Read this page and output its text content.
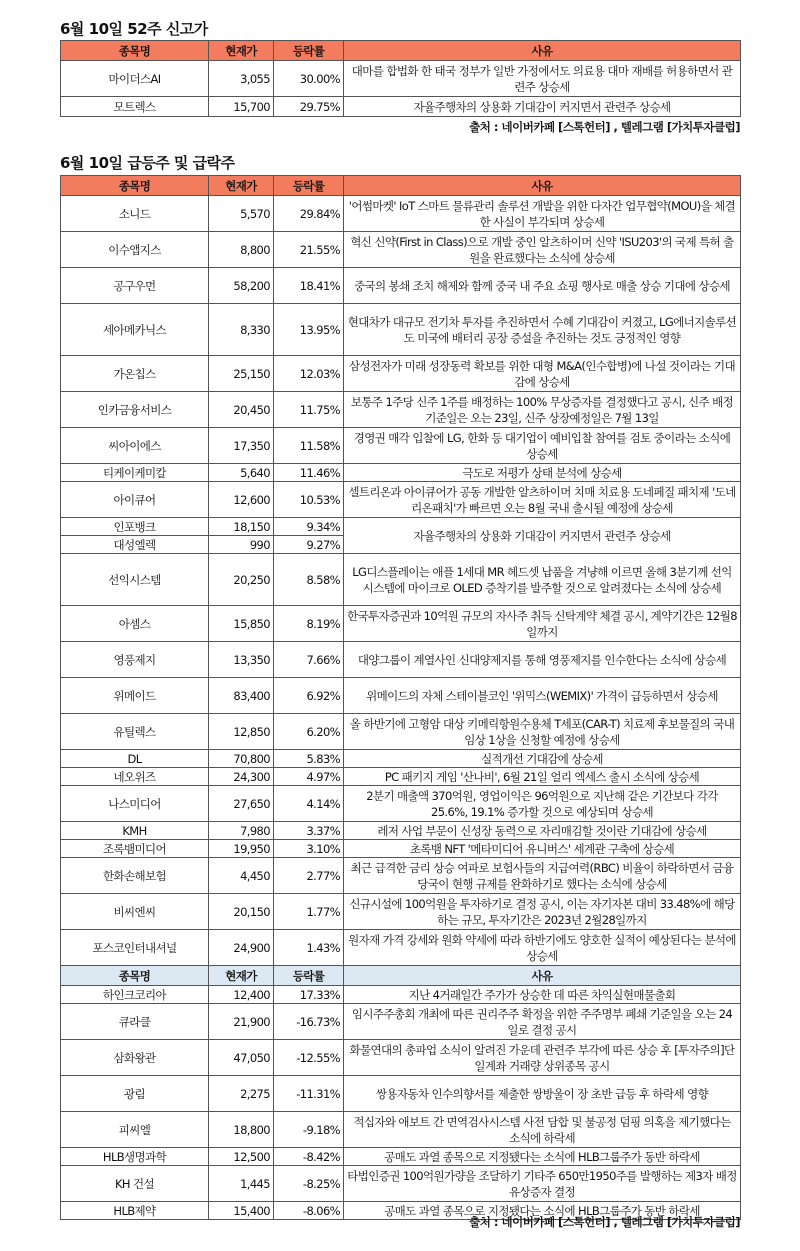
6월 10일 52주 신고가
종목명	현재가	등락률	사유
마이더스AI	3,055	30.00%	대마를 합법화 한 태국 정부가 일반 가정에서도 의료용 대마 재배를 허용하면서 관련주 상승세
모트렉스	15,700	29.75%	자율주행차의 상용화 기대감이 커지면서 관련주 상승세
출처 : 네이버카페 [스톡헌터] , 텔레그램 [가치투자클럽]
6월 10일 급등주 및 급락주
종목명	현재가	등락률	사유
소니드	5,570	29.84%	'어썸마켓' IoT 스마트 물류관리 솔루션 개발을 위한 다자간 업무협약(MOU)을 체결한 사실이 부각되며 상승세
이수앱지스	8,800	21.55%	혁신 신약(First in Class)으로 개발 중인 알츠하이머 신약 'ISU203'의 국제 특허 출원을 완료했다는 소식에 상승세
공구우먼	58,200	18.41%	중국의 봉쇄 조치 해제와 함께 중국 내 주요 쇼핑 행사로 매출 상승 기대에 상승세
세아메카닉스	8,330	13.95%	현대차가 대규모 전기차 투자를 추진하면서 수혜 기대감이 커졌고, LG에너지솔루션도 미국에 배터리 공장 증설을 추진하는 것도 긍정적인 영향
가온칩스	25,150	12.03%	삼성전자가 미래 성장동력 확보를 위한 대형 M&A(인수합병)에 나설 것이라는 기대감에 상승세
인카금융서비스	20,450	11.75%	보통주 1주당 신주 1주를 배정하는 100% 무상증자를 결정했다고 공시, 신주 배정기준일은 오는 23일, 신주 상장예정일은 7월 13일
씨아이에스	17,350	11.58%	경영권 매각 입찰에 LG, 한화 등 대기업이 예비입찰 참여를 검토 중이라는 소식에 상승세
티케이케미칼	5,640	11.46%	극도로 저평가 상태 분석에 상승세
아이큐어	12,600	10.53%	셀트리온과 아이큐어가 공동 개발한 알츠하이머 치매 치료용 도네페질 패치제 '도네리온패치'가 빠르면 오는 8월 국내 출시될 예정에 상승세
인포뱅크	18,150	9.34%	자율주행차의 상용화 기대감이 커지면서 관련주 상승세
대성엘렉	990	9.27%	
선익시스템	20,250	8.58%	LG디스플레이는 애플 1세대 MR 헤드셋 납품을 겨냥해 이르면 올해 3분기께 선익시스템에 마이크로 OLED 증착기를 발주할 것으로 알려졌다는 소식에 상승세
아셈스	15,850	8.19%	한국투자증권과 10억원 규모의 자사주 취득 신탁계약 체결 공시, 계약기간은 12월8일까지
영풍제지	13,350	7.66%	대양그룹이 계열사인 신대양제지를 통해 영풍제지를 인수한다는 소식에 상승세
위메이드	83,400	6.92%	위메이드의 자체 스테이블코인 '위믹스(WEMIX)' 가격이 급등하면서 상승세
유틸렉스	12,850	6.20%	올 하반기에 고형암 대상 키메릭항원수용체 T세포(CAR-T) 치료제 후보물질의 국내 임상 1상을 신청할 예정에 상승세
DL	70,800	5.83%	실적개선 기대감에 상승세
네오위즈	24,300	4.97%	PC 패키지 게임 '산나비', 6월 21일 얼리 엑세스 출시 소식에 상승세
나스미디어	27,650	4.14%	2분기 매출액 370억원, 영업이익은 96억원으로 지난해 같은 기간보다 각각 25.6%, 19.1% 증가할 것으로 예상되며 상승세
KMH	7,980	3.37%	레저 사업 부문이 신성장 동력으로 자리매김할 것이란 기대감에 상승세
조록뱀미디어	19,950	3.10%	초록뱀 NFT '메타미디어 유니버스' 세계관 구축에 상승세
한화손해보험	4,450	2.77%	최근 급격한 금리 상승 여파로 보험사들의 지급여력(RBC) 비율이 하락하면서 금융당국이 현행 규제를 완화하기로 했다는 소식에 상승세
비씨엔씨	20,150	1.77%	신규시설에 100억원을 투자하기로 결정 공시, 이는 자기자본 대비 33.48%에 해당하는 규모, 투자기간은 2023년 2월28일까지
포스코인터내셔널	24,900	1.43%	원자재 가격 강세와 원화 약세에 따라 하반기에도 양호한 실적이 예상된다는 분석에 상승세
종목명	현재가	등락률	사유
하인크코리아	12,400	17.33%	지난 4거래일간 주가가 상승한 데 따른 차익실현매물출회
큐라클	21,900	-16.73%	임시주주총회 개최에 따른 권리주주 확정을 위한 주주명부 폐쇄 기준일을 오는 24일로 결정 공시
삼화왕관	47,050	-12.55%	화물연대의 총파업 소식이 알려진 가운데 관련주 부각에 따른 상승 후 [투자주의]단일계좌 거래량 상위종목 공시
광림	2,275	-11.31%	쌍용자동차 인수의향서를 제출한 쌍방울이 장 초반 급등 후 하락세 영향
피씨엘	18,800	-9.18%	적십자와 애보트 간 면역검사시스템 사전 담합 및 불공정 덤핑 의혹을 제기했다는 소식에 하락세
HLB생명과학	12,500	-8.42%	공매도 과열 종목으로 지정됐다는 소식에 HLB그룹주가 동반 하락세
KH 건설	1,445	-8.25%	타법인증권 100억원가량을 조달하기 기타주 650만1950주를 발행하는 제3자 배정 유상증자 결정
HLB제약	15,400	-8.06%	공매도 과열 종목으로 지정됐다는 소식에 HLB그룹주가 동반 하락세
출처 : 네이버카페 [스톡헌터] , 텔레그램 [가치투자클럽]
